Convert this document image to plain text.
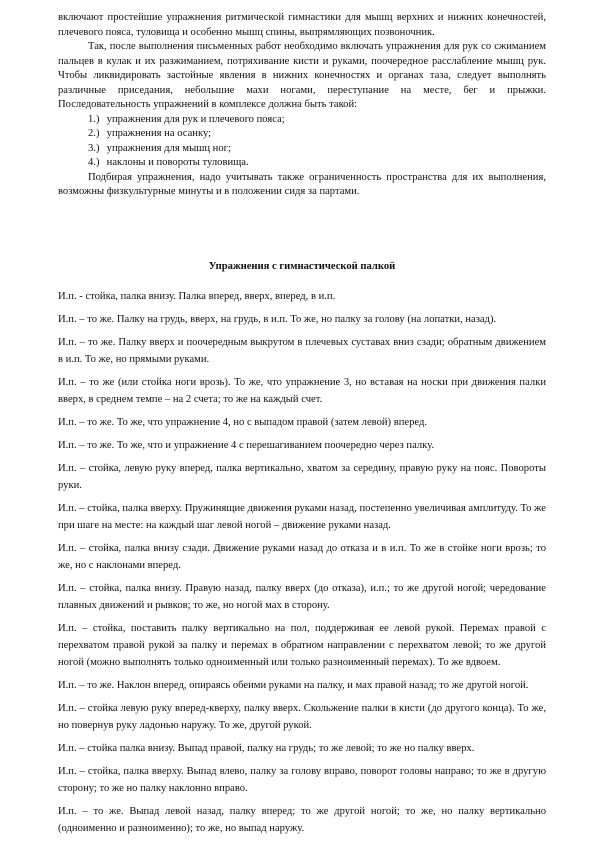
включают простейшие упражнения ритмической гимнастики для мышц верхних и нижних конечностей, плечевого пояса, туловища и особенно мышц спины, выпрямляющих позвоночник.

Так, после выполнения письменных работ необходимо включать упражнения для рук со сжиманием пальцев в кулак и их разжиманием, потряхивание кисти и руками, поочередное расслабление мышц рук. Чтобы ликвидировать застойные явления в нижних конечностях и органах таза, следует выполнять различные приседания, небольшие махи ногами, переступание на месте, бег и прыжки. Последовательность упражнений в комплексе должна быть такой:

1.) упражнения для рук и плечевого пояса;
2.) упражнения на осанку;
3.) упражнения для мышц ног;
4.) наклоны и повороты туловища.

Подбирая упражнения, надо учитывать также ограниченность пространства для их выполнения, возможны физкультурные минуты и в положении сидя за партами.

Упражнения с гимнастической палкой

И.п. - стойка, палка внизу. Палка вперед, вверх, вперед, в и.п.

И.п. – то же. Палку на грудь, вверх, на грудь, в и.п. То же, но палку за голову (на лопатки, назад).

И.п. – то же. Палку вверх и поочередным выкрутом в плечевых суставах вниз сзади; обратным движением в и.п. То же, но прямыми руками.

И.п. – то же (или стойка ноги врозь). То же, что упражнение 3, но вставая на носки при движения палки вверх, в среднем темпе – на 2 счета; то же на каждый счет.

И.п. – то же. То же, что упражнение 4, но с выпадом правой (затем левой) вперед.

И.п. – то же. То же, что и упражнение 4 с перешагиванием поочередно через палку.

И.п. – стойка, левую руку вперед, палка вертикально, хватом за середину, правую руку на пояс. Повороты руки.

И.п. – стойка, палка вверху. Пружинящие движения руками назад, постепенно увеличивая амплитуду. То же при шаге на месте: на каждый шаг левой ногой – движение руками назад.

И.п. – стойка, палка внизу сзади. Движение руками назад до отказа и в и.п. То же в стойке ноги врозь; то же, но с наклонами вперед.

И.п. – стойка, палка внизу. Правую назад, палку вверх (до отказа), и.п.; то же другой ногой; чередование плавных движений и рывков; то же, но ногой мах в сторону.

И.п. – стойка, поставить палку вертикально на пол, поддерживая ее левой рукой. Перемах правой с перехватом правой рукой за палку и перемах в обратном направлении с перехватом левой; то же другой ногой (можно выполнять только одноименный или только разноименный перемах). То же вдвоем.

И.п. – то же. Наклон вперед, опираясь обеими руками на палку, и мах правой назад; то же другой ногой.

И.п. – стойка левую руку вперед-кверху, палку вверх. Скольжение палки в кисти (до другого конца). То же, но повернув руку ладонью наружу. То же, другой рукой.

И.п. – стойка палка внизу. Выпад правой, палку на грудь; то же левой; то же но палку вверх.

И.п. – стойка, палка вверху. Выпад влево, палку за голову вправо, поворот головы направо; то же в другую сторону; то же но палку наклонно вправо.

И.п. – то же. Выпад левой назад, палку вперед; то же другой ногой; то же, но палку вертикально (одноименно и разноименно); то же, но выпад наружу.
